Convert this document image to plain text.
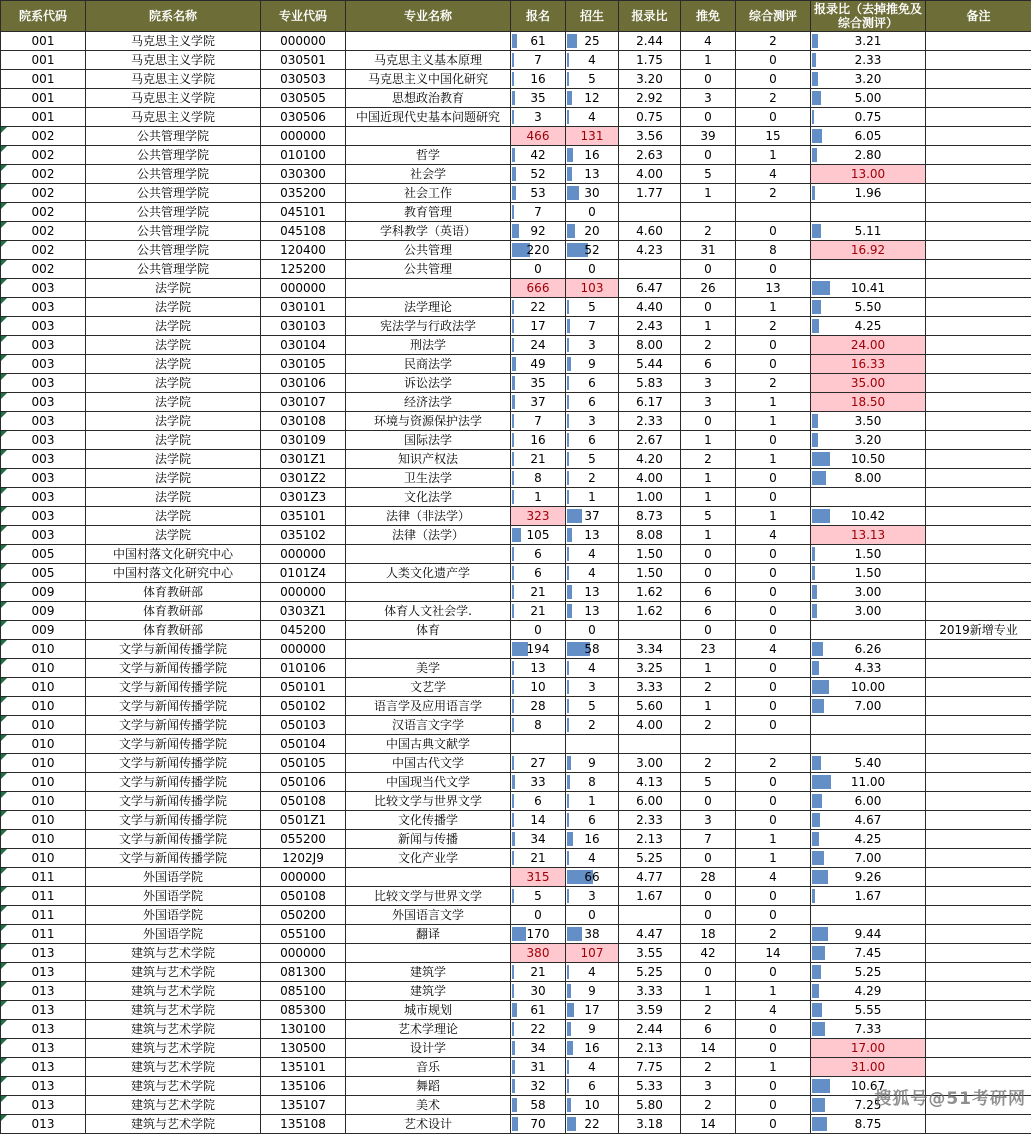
院系代码	院系名称	专业代码	专业名称	报名	招生	报录比	推免	综合测评	报录比（去掉推免及综合测评）	备注
001	马克思主义学院	000000		61	25	2.44	4	2	3.21	
001	马克思主义学院	030501	马克思主义基本原理	7	4	1.75	1	0	2.33	
001	马克思主义学院	030503	马克思主义中国化研究	16	5	3.20	0	0	3.20	
001	马克思主义学院	030505	思想政治教育	35	12	2.92	3	2	5.00	
001	马克思主义学院	030506	中国近现代史基本问题研究	3	4	0.75	0	0	0.75	

002	公共管理学院	000000		466	131	3.56	39	15	6.05	

002	公共管理学院	010100	哲学	42	16	2.63	0	1	2.80	

002	公共管理学院	030300	社会学	52	13	4.00	5	4	13.00	

002	公共管理学院	035200	社会工作	53	30	1.77	1	2	1.96	

002	公共管理学院	045101	教育管理	7	0					

002	公共管理学院	045108	学科教学（英语）	92	20	4.60	2	0	5.11	

002	公共管理学院	120400	公共管理	220	52	4.23	31	8	16.92	

002	公共管理学院	125200	公共管理	0	0		0	0		

003	法学院	000000		666	103	6.47	26	13	10.41	

003	法学院	030101	法学理论	22	5	4.40	0	1	5.50	

003	法学院	030103	宪法学与行政法学	17	7	2.43	1	2	4.25	

003	法学院	030104	刑法学	24	3	8.00	2	0	24.00	

003	法学院	030105	民商法学	49	9	5.44	6	0	16.33	

003	法学院	030106	诉讼法学	35	6	5.83	3	2	35.00	

003	法学院	030107	经济法学	37	6	6.17	3	1	18.50	

003	法学院	030108	环境与资源保护法学	7	3	2.33	0	1	3.50	

003	法学院	030109	国际法学	16	6	2.67	1	0	3.20	

003	法学院	0301Z1	知识产权法	21	5	4.20	2	1	10.50	

003	法学院	0301Z2	卫生法学	8	2	4.00	1	0	8.00	

003	法学院	0301Z3	文化法学	1	1	1.00	1	0		

003	法学院	035101	法律（非法学）	323	37	8.73	5	1	10.42	

003	法学院	035102	法律（法学）	105	13	8.08	1	4	13.13	

005	中国村落文化研究中心	000000		6	4	1.50	0	0	1.50	

005	中国村落文化研究中心	0101Z4	人类文化遗产学	6	4	1.50	0	0	1.50	

009	体育教研部	000000		21	13	1.62	6	0	3.00	

009	体育教研部	0303Z1	体育人文社会学.	21	13	1.62	6	0	3.00	

009	体育教研部	045200	体育	0	0		0	0		2019新增专业

010	文学与新闻传播学院	000000		194	58	3.34	23	4	6.26	

010	文学与新闻传播学院	010106	美学	13	4	3.25	1	0	4.33	

010	文学与新闻传播学院	050101	文艺学	10	3	3.33	2	0	10.00	

010	文学与新闻传播学院	050102	语言学及应用语言学	28	5	5.60	1	0	7.00	

010	文学与新闻传播学院	050103	汉语言文字学	8	2	4.00	2	0		

010	文学与新闻传播学院	050104	中国古典文献学							

010	文学与新闻传播学院	050105	中国古代文学	27	9	3.00	2	2	5.40	

010	文学与新闻传播学院	050106	中国现当代文学	33	8	4.13	5	0	11.00	

010	文学与新闻传播学院	050108	比较文学与世界文学	6	1	6.00	0	0	6.00	

010	文学与新闻传播学院	0501Z1	文化传播学	14	6	2.33	3	0	4.67	

010	文学与新闻传播学院	055200	新闻与传播	34	16	2.13	7	1	4.25	

010	文学与新闻传播学院	1202J9	文化产业学	21	4	5.25	0	1	7.00	

011	外国语学院	000000		315	66	4.77	28	4	9.26	

011	外国语学院	050108	比较文学与世界文学	5	3	1.67	0	0	1.67	

011	外国语学院	050200	外国语言文学	0	0		0	0		

011	外国语学院	055100	翻译	170	38	4.47	18	2	9.44	

013	建筑与艺术学院	000000		380	107	3.55	42	14	7.45	

013	建筑与艺术学院	081300	建筑学	21	4	5.25	0	0	5.25	

013	建筑与艺术学院	085100	建筑学	30	9	3.33	1	1	4.29	

013	建筑与艺术学院	085300	城市规划	61	17	3.59	2	4	5.55	

013	建筑与艺术学院	130100	艺术学理论	22	9	2.44	6	0	7.33	

013	建筑与艺术学院	130500	设计学	34	16	2.13	14	0	17.00	

013	建筑与艺术学院	135101	音乐	31	4	7.75	2	1	31.00	

013	建筑与艺术学院	135106	舞蹈	32	6	5.33	3	0	10.67	

013	建筑与艺术学院	135107	美术	58	10	5.80	2	0	7.25	

013	建筑与艺术学院	135108	艺术设计	70	22	3.18	14	0	8.75	
搜狐号@51考研网
